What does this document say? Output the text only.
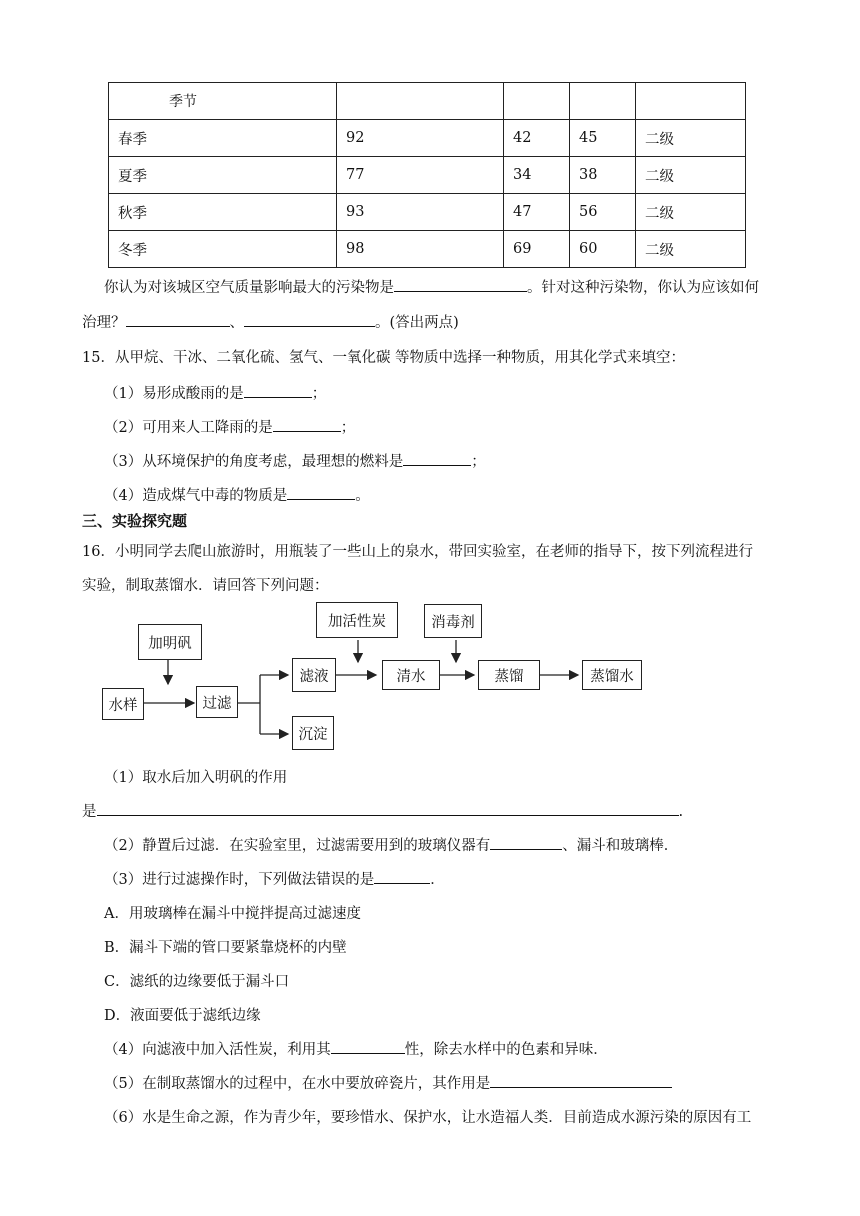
季节				
春季	92	42	45	二级
夏季	77	34	38	二级
秋季	93	47	56	二级
冬季	98	69	60	二级
你认为对该城区空气质量影响最大的污染物是	。针对这种污染物，你认为应该如何
治理？	、	。(答出两点)
15．从甲烷、干冰、二氧化硫、氢气、一氧化碳 等物质中选择一种物质，用其化学式来填空：
（1）易形成酸雨的是	；
（2）可用来人工降雨的是	；
（3）从环境保护的角度考虑，最理想的燃料是	；
（4）造成煤气中毒的物质是	。
三、实验探究题
16．小明同学去爬山旅游时，用瓶装了一些山上的泉水，带回实验室，在老师的指导下，按下列流程进行
实验，制取蒸馏水．请回答下列问题：
加明矾
水样	过滤
滤液
沉淀
加活性炭
清水
消毒剂
蒸馏	蒸馏水
（1）取水后加入明矾的作用
是	.
（2）静置后过滤．在实验室里，过滤需要用到的玻璃仪器有	、漏斗和玻璃棒．
（3）进行过滤操作时，下列做法错误的是	．
A．用玻璃棒在漏斗中搅拌提高过滤速度
B．漏斗下端的管口要紧靠烧杯的内壁
C．滤纸的边缘要低于漏斗口
D．液面要低于滤纸边缘
（4）向滤液中加入活性炭，利用其	性，除去水样中的色素和异味．
（5）在制取蒸馏水的过程中，在水中要放碎瓷片，其作用是
（6）水是生命之源，作为青少年，要珍惜水、保护水，让水造福人类．目前造成水源污染的原因有工
